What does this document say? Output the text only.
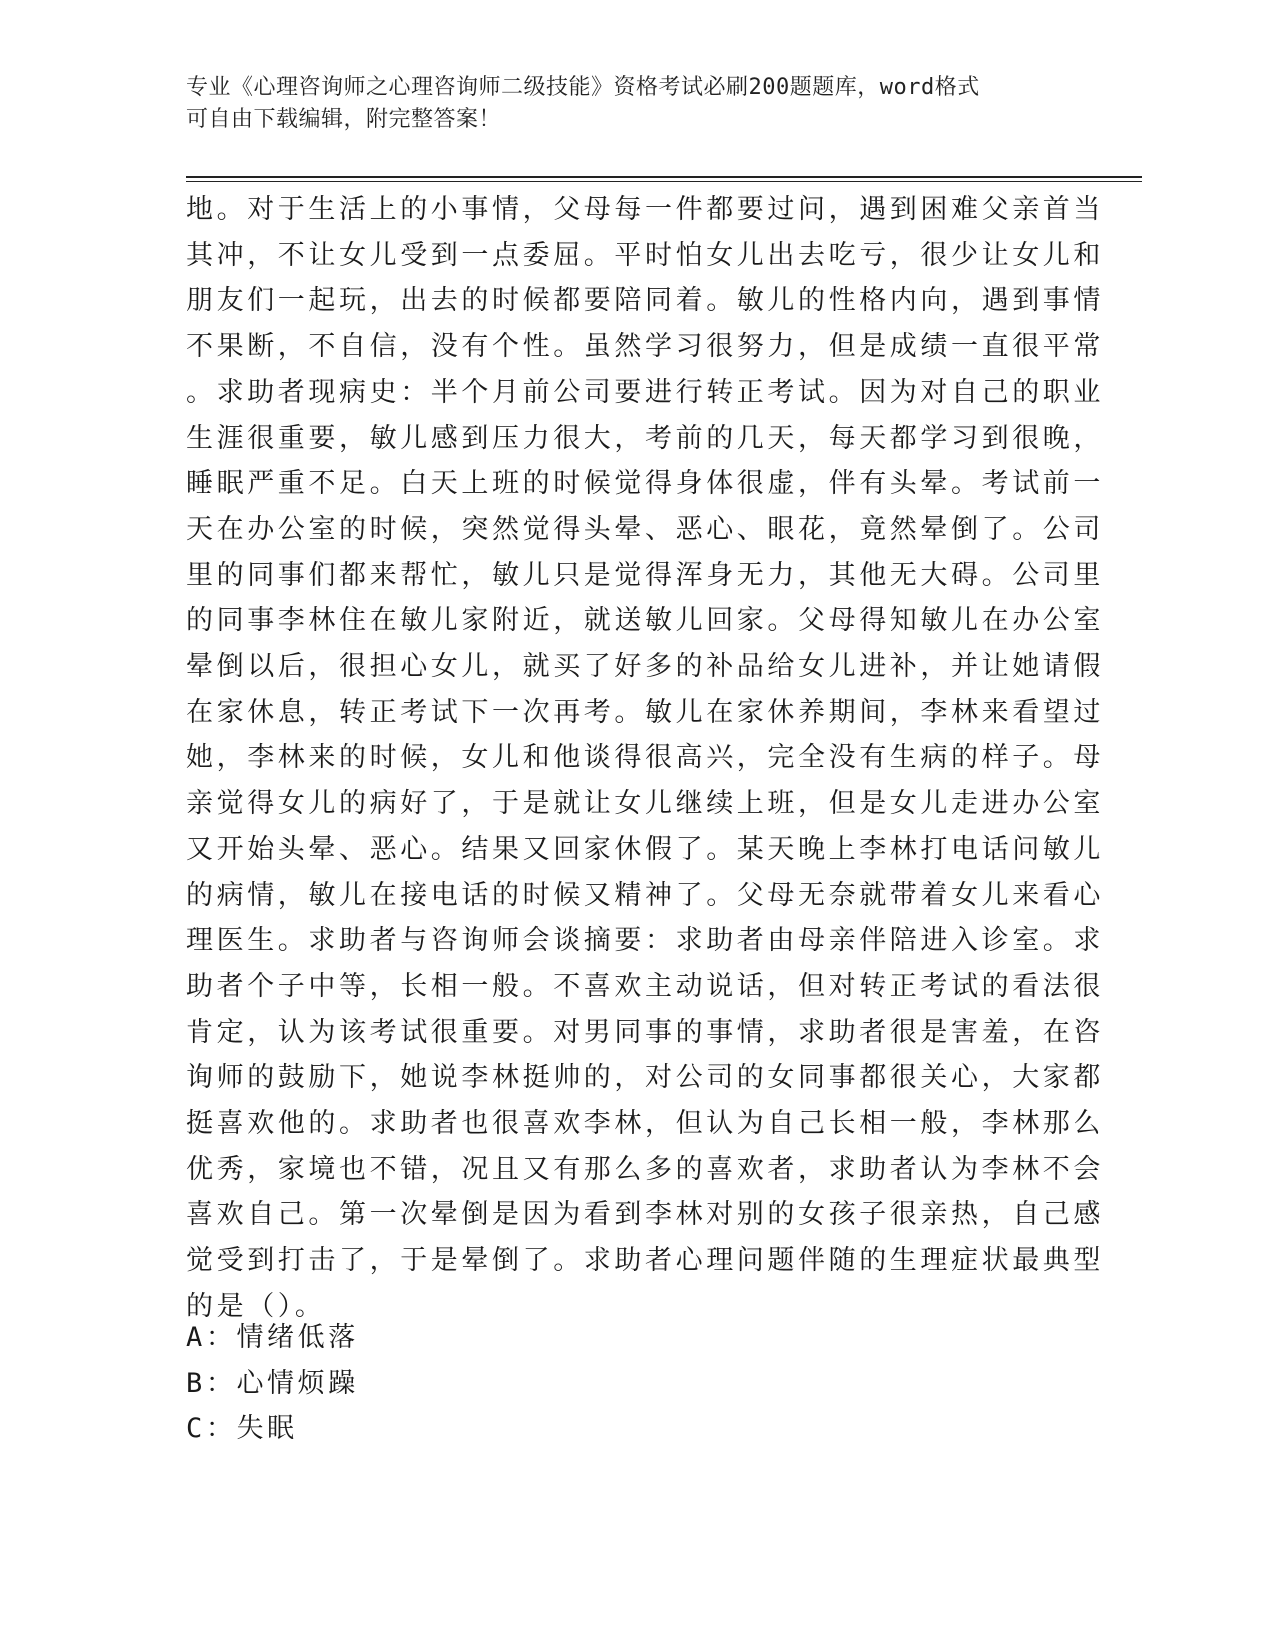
专业《心理咨询师之心理咨询师二级技能》资格考试必刷200题题库，word格式
可自由下载编辑，附完整答案！
地。对于生活上的小事情，父母每一件都要过问，遇到困难父亲首当
其冲，不让女儿受到一点委屈。平时怕女儿出去吃亏，很少让女儿和
朋友们一起玩，出去的时候都要陪同着。敏儿的性格内向，遇到事情
不果断，不自信，没有个性。虽然学习很努力，但是成绩一直很平常
。求助者现病史：半个月前公司要进行转正考试。因为对自己的职业
生涯很重要，敏儿感到压力很大，考前的几天，每天都学习到很晚，
睡眠严重不足。白天上班的时候觉得身体很虚，伴有头晕。考试前一
天在办公室的时候，突然觉得头晕、恶心、眼花，竟然晕倒了。公司
里的同事们都来帮忙，敏儿只是觉得浑身无力，其他无大碍。公司里
的同事李林住在敏儿家附近，就送敏儿回家。父母得知敏儿在办公室
晕倒以后，很担心女儿，就买了好多的补品给女儿进补，并让她请假
在家休息，转正考试下一次再考。敏儿在家休养期间，李林来看望过
她，李林来的时候，女儿和他谈得很高兴，完全没有生病的样子。母
亲觉得女儿的病好了，于是就让女儿继续上班，但是女儿走进办公室
又开始头晕、恶心。结果又回家休假了。某天晚上李林打电话问敏儿
的病情，敏儿在接电话的时候又精神了。父母无奈就带着女儿来看心
理医生。求助者与咨询师会谈摘要：求助者由母亲伴陪进入诊室。求
助者个子中等，长相一般。不喜欢主动说话，但对转正考试的看法很
肯定，认为该考试很重要。对男同事的事情，求助者很是害羞，在咨
询师的鼓励下，她说李林挺帅的，对公司的女同事都很关心，大家都
挺喜欢他的。求助者也很喜欢李林，但认为自己长相一般，李林那么
优秀，家境也不错，况且又有那么多的喜欢者，求助者认为李林不会
喜欢自己。第一次晕倒是因为看到李林对别的女孩子很亲热，自己感
觉受到打击了，于是晕倒了。求助者心理问题伴随的生理症状最典型
的是（）。
A：情绪低落
B：心情烦躁
C：失眠
